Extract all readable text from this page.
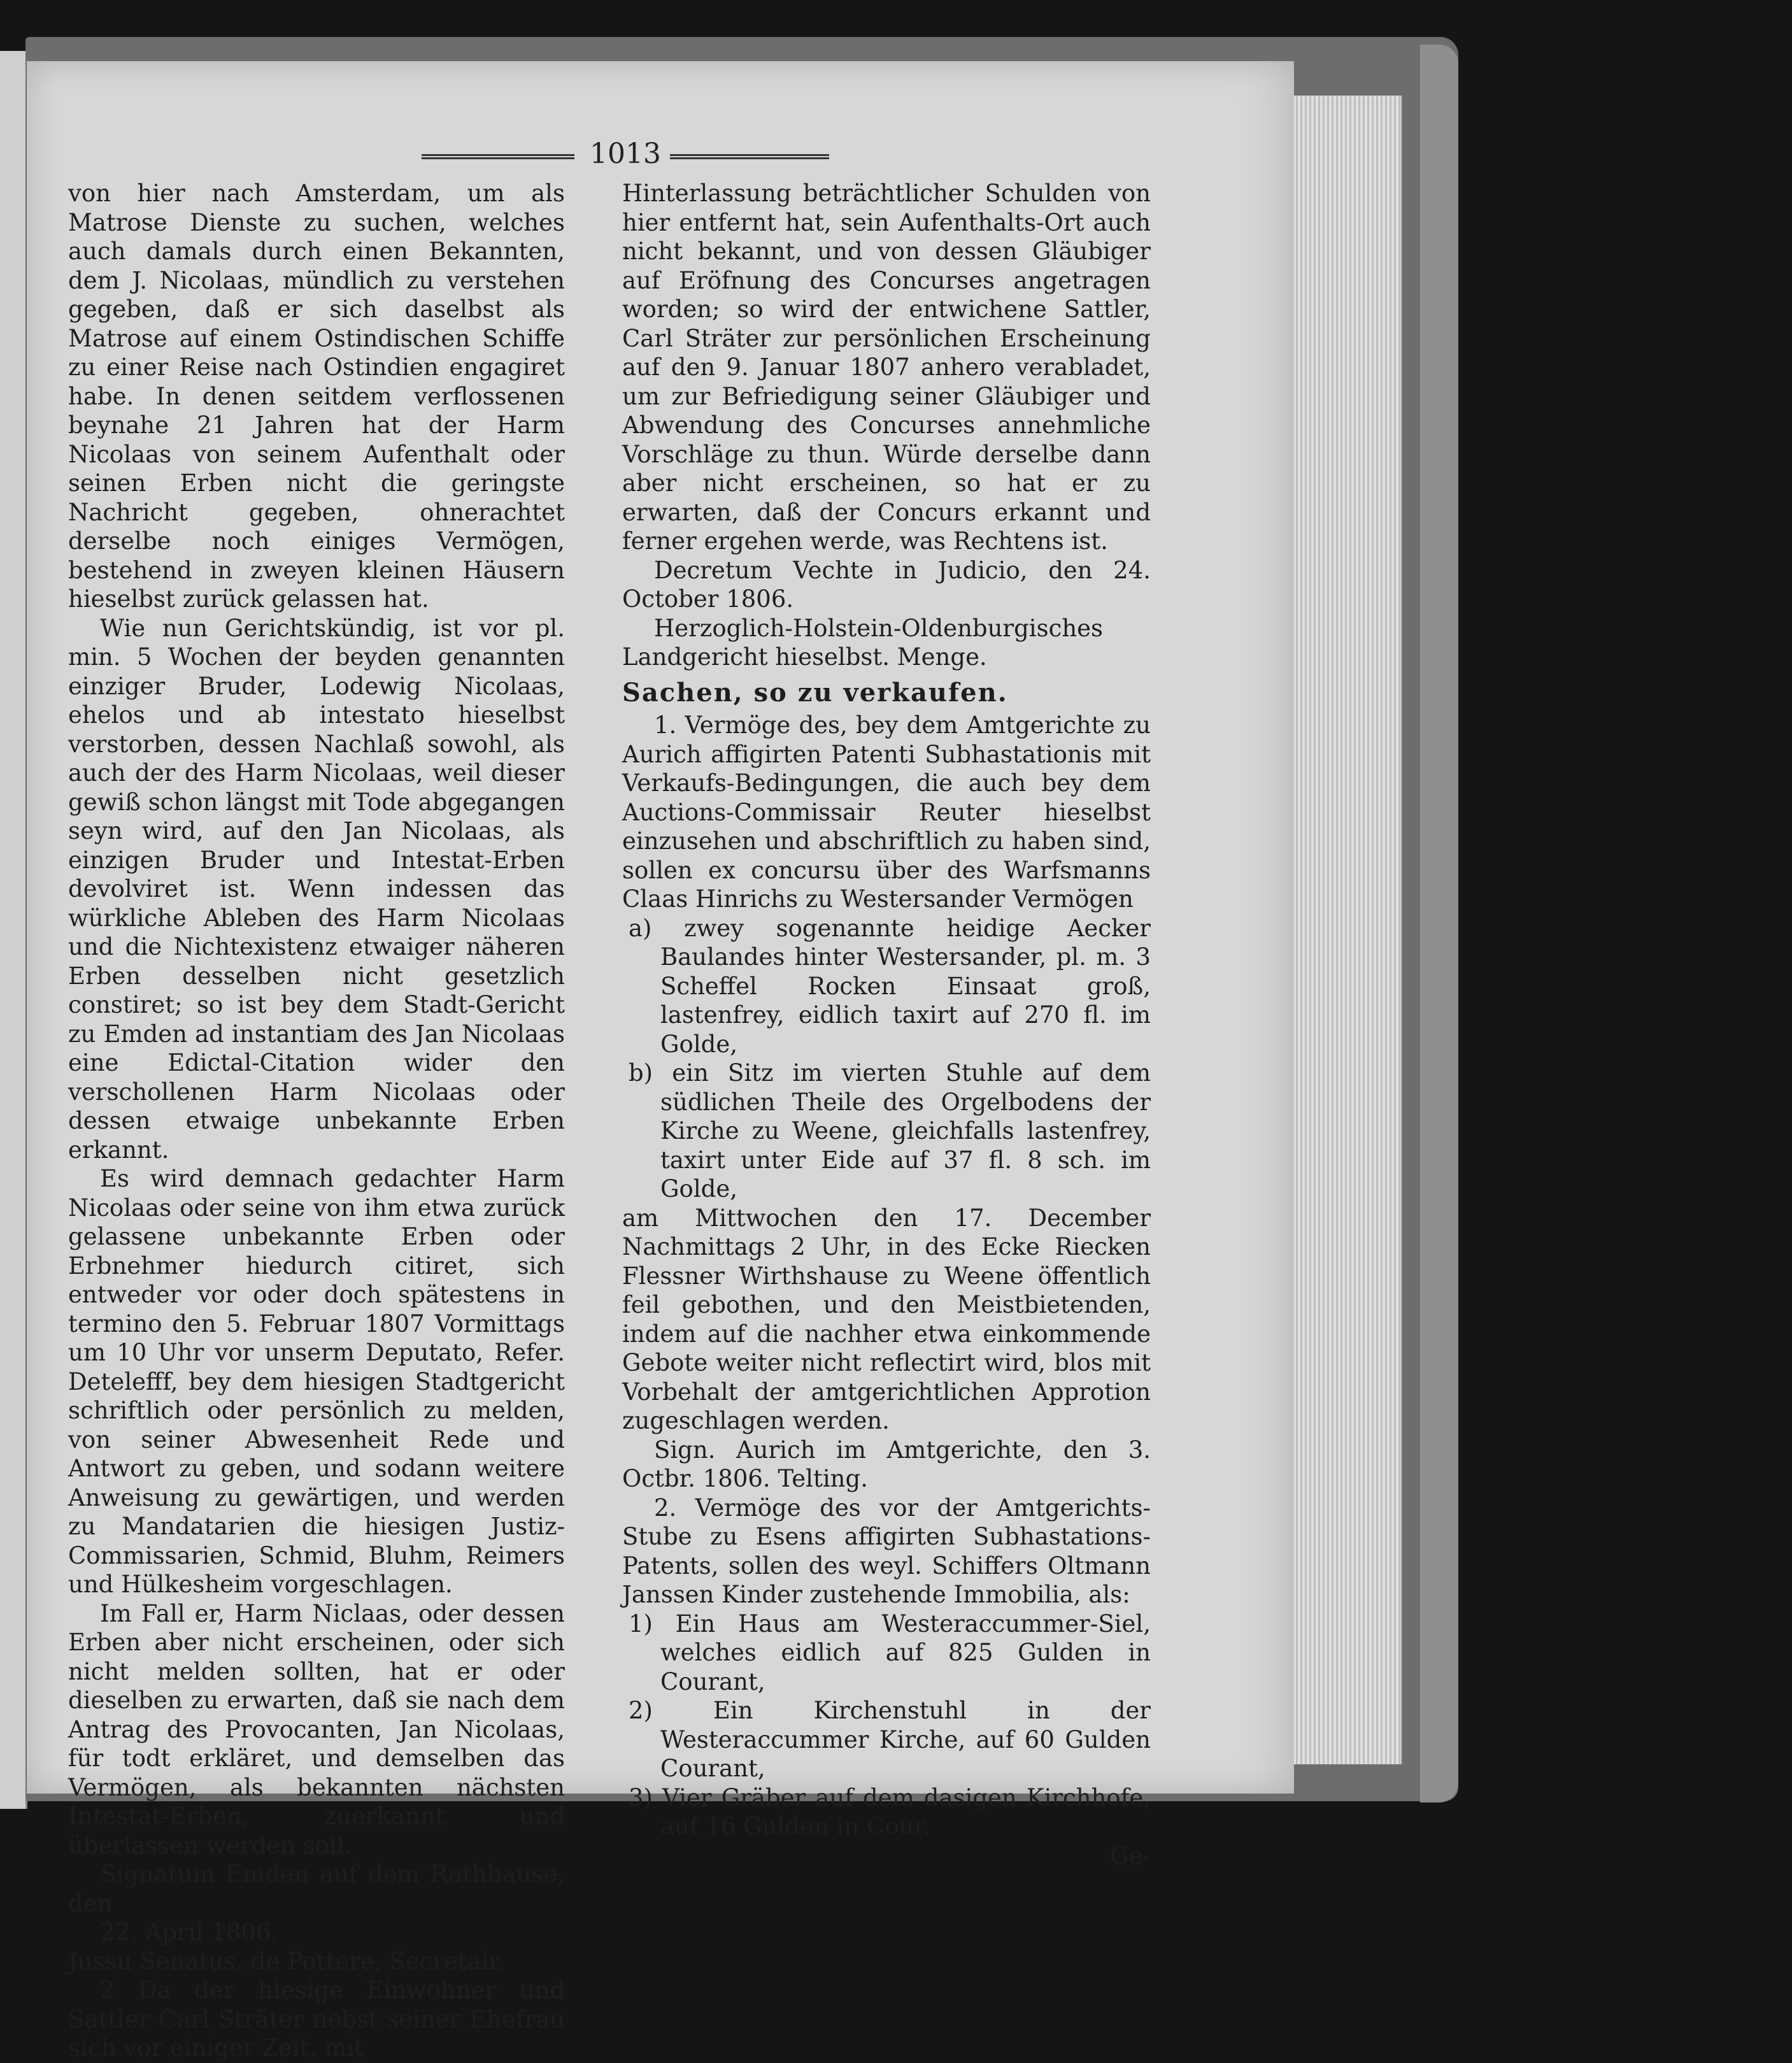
1013

von hier nach Amsterdam, um als Matrose Dienste zu suchen, welches auch damals durch einen Bekannten, dem J. Nicolaas, mündlich zu verstehen gegeben, daß er sich daselbst als Matrose auf einem Ostindischen Schiffe zu einer Reise nach Ostindien engagiret habe. In denen seitdem verflossenen beynahe 21 Jahren hat der Harm Nicolaas von seinem Aufenthalt oder seinen Erben nicht die geringste Nachricht gegeben, ohnerachtet derselbe noch einiges Vermögen, bestehend in zweyen kleinen Häusern hieselbst zurück gelassen hat.

Wie nun Gerichtskündig, ist vor pl. min. 5 Wochen der beyden genannten einziger Bruder, Lodewig Nicolaas, ehelos und ab intestato hieselbst verstorben, dessen Nachlaß sowohl, als auch der des Harm Nicolaas, weil dieser gewiß schon längst mit Tode abgegangen seyn wird, auf den Jan Nicolaas, als einzigen Bruder und Intestat-Erben devolviret ist. Wenn indessen das würkliche Ableben des Harm Nicolaas und die Nichtexistenz etwaiger näheren Erben desselben nicht gesetzlich constiret; so ist bey dem Stadt-Gericht zu Emden ad instantiam des Jan Nicolaas eine Edictal-Citation wider den verschollenen Harm Nicolaas oder dessen etwaige unbekannte Erben erkannt.

Es wird demnach gedachter Harm Nicolaas oder seine von ihm etwa zurück gelassene unbekannte Erben oder Erbnehmer hiedurch citiret, sich entweder vor oder doch spätestens in termino den 5. Februar 1807 Vormittags um 10 Uhr vor unserm Deputato, Refer. Detelefff, bey dem hiesigen Stadtgericht schriftlich oder persönlich zu melden, von seiner Abwesenheit Rede und Antwort zu geben, und sodann weitere Anweisung zu gewärtigen, und werden zu Mandatarien die hiesigen Justiz-Commissarien, Schmid, Bluhm, Reimers und Hülkesheim vorgeschlagen.

Im Fall er, Harm Niclaas, oder dessen Erben aber nicht erscheinen, oder sich nicht melden sollten, hat er oder dieselben zu erwarten, daß sie nach dem Antrag des Provocanten, Jan Nicolaas, für todt erkläret, und demselben das Vermögen, als bekannten nächsten Intestat-Erben, zuerkannt und überlassen werden soll.

Signatum Emden auf dem Rathhause, den

22. April 1806.

Jussu Senatus. de Pottere, Secretair.

2 Da der hiesige Einwohner und Sattler Carl Sträter nebst seiner Ehefrau sich vor einiger Zeit, mit

Hinterlassung beträchtlicher Schulden von hier entfernt hat, sein Aufenthalts-Ort auch nicht bekannt, und von dessen Gläubiger auf Eröfnung des Concurses angetragen worden; so wird der entwichene Sattler, Carl Sträter zur persönlichen Erscheinung auf den 9. Januar 1807 anhero verabladet, um zur Befriedigung seiner Gläubiger und Abwendung des Concurses annehmliche Vorschläge zu thun. Würde derselbe dann aber nicht erscheinen, so hat er zu erwarten, daß der Concurs erkannt und ferner ergehen werde, was Rechtens ist.

Decretum Vechte in Judicio, den 24. October 1806.

Herzoglich-Holstein-Oldenburgisches Landgericht hieselbst. Menge.

Sachen, so zu verkaufen.

1. Vermöge des, bey dem Amtgerichte zu Aurich affigirten Patenti Subhastationis mit Verkaufs-Bedingungen, die auch bey dem Auctions-Commissair Reuter hieselbst einzusehen und abschriftlich zu haben sind, sollen ex concursu über des Warfsmanns Claas Hinrichs zu Westersander Vermögen

a) zwey sogenannte heidige Aecker Baulandes hinter Westersander, pl. m. 3 Scheffel Rocken Einsaat groß, lastenfrey, eidlich taxirt auf 270 fl. im Golde,

b) ein Sitz im vierten Stuhle auf dem südlichen Theile des Orgelbodens der Kirche zu Weene, gleichfalls lastenfrey, taxirt unter Eide auf 37 fl. 8 sch. im Golde,

am Mittwochen den 17. December Nachmittags 2 Uhr, in des Ecke Riecken Flessner Wirthshause zu Weene öffentlich feil gebothen, und den Meistbietenden, indem auf die nachher etwa einkommende Gebote weiter nicht reflectirt wird, blos mit Vorbehalt der amtgerichtlichen Approtion zugeschlagen werden.

Sign. Aurich im Amtgerichte, den 3. Octbr. 1806. Telting.

2. Vermöge des vor der Amtgerichts-Stube zu Esens affigirten Subhastations-Patents, sollen des weyl. Schiffers Oltmann Janssen Kinder zustehende Immobilia, als:

1) Ein Haus am Westeraccummer-Siel, welches eidlich auf 825 Gulden in Courant,

2) Ein Kirchenstuhl in der Westeraccummer Kirche, auf 60 Gulden Courant,

3) Vier Gräber auf dem dasigen Kirchhofe, auf 16 Gulden in Cour.

Ge-
